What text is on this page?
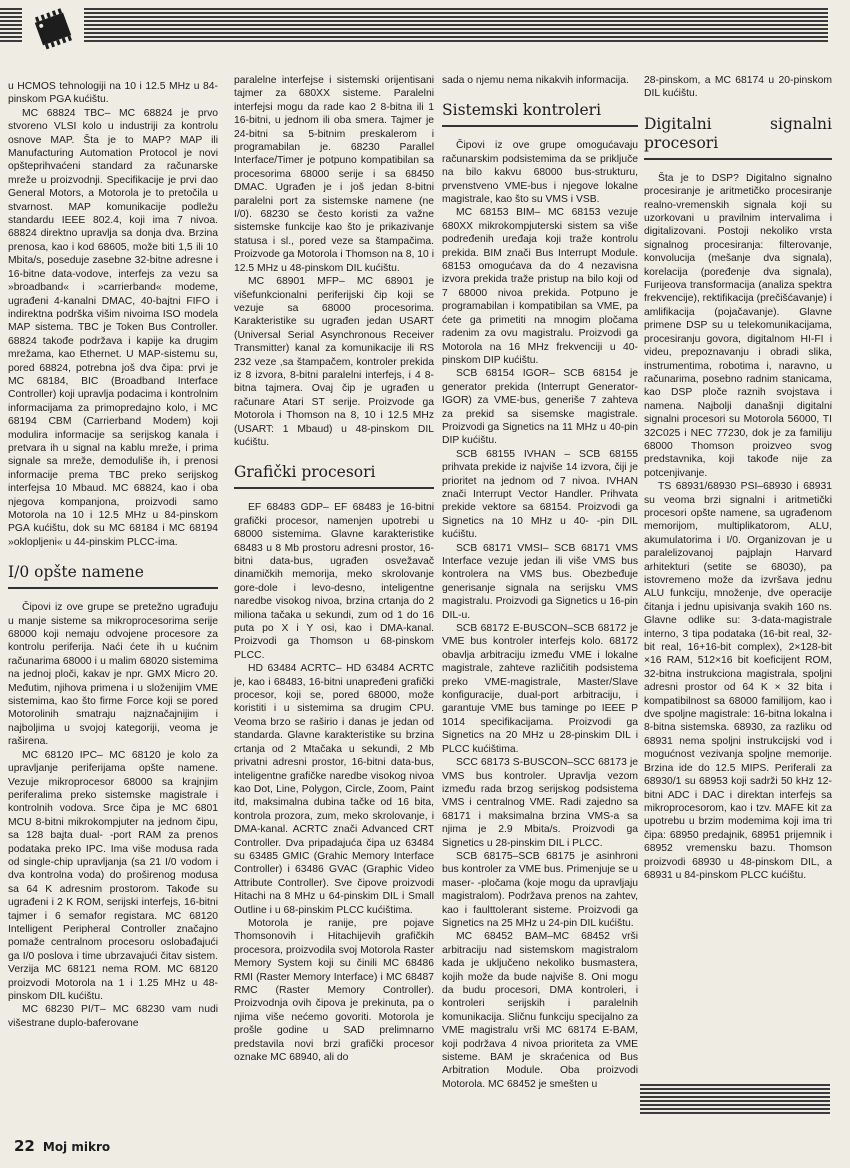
u HCMOS tehnologiji na 10 i 12.5 MHz u 84-pinskom PGA kućištu.

MC 68824 TBC– MC 68824 je prvo stvoreno VLSI kolo u industriji za kontrolu osnove MAP. Šta je to MAP? MAP ili Manufacturing Automation Protocol je novi opšteprihvaćeni standard za računarske mreže u proizvodnji. Specifikacije je prvi dao General Motors, a Motorola je to pretočila u stvarnost. MAP komunikacije podležu standardu IEEE 802.4, koji ima 7 nivoa. 68824 direktno upravlja sa donja dva. Brzina prenosa, kao i kod 68605, može biti 1,5 ili 10 Mbita/s, poseduje zasebne 32-bitne adresne i 16-bitne data-vodove, interfejs za vezu sa »broadband« i »carrierband« modeme, ugrađeni 4-kanalni DMAC, 40-bajtni FIFO i indirektna podrška višim nivoima ISO modela MAP sistema. TBC je Token Bus Controller. 68824 takođe podržava i kapije ka drugim mrežama, kao Ethernet. U MAP-sistemu su, pored 68824, potrebna još dva čipa: prvi je MC 68184, BIC (Broadband Interface Controller) koji upravlja podacima i kontrolnim informacijama za primopredajno kolo, i MC 68194 CBM (Carrierband Modem) koji modulira informacije sa serijskog kanala i pretvara ih u signal na kablu mreže, i prima signale sa mreže, demoduliše ih, i prenosi informacije prema TBC preko serijskog interfejsa 10 Mbaud. MC 68824, kao i oba njegova kompanjona, proizvodi samo Motorola na 10 i 12.5 MHz u 84-pinskom PGA kućištu, dok su MC 68184 i MC 68194 »okloplјeni« u 44-pinskim PLCC-ima.

I/0 opšte namene

Čipovi iz ove grupe se pretežno ugrađuju u manje sisteme sa mikroprocesorima serije 68000 koji nemaju odvojene procesore za kontrolu periferija. Naći ćete ih u kućnim računarima 68000 i u malim 68020 sistemima na jednoj ploči, kakav je npr. GMX Micro 20. Međutim, njihova primena i u složenijim VME sistemima, kao što firme Force koji se pored Motorolinih smatraju najznačajnijim i najboljima u svojoj kategoriji, veoma je raširena.

MC 68120 IPC– MC 68120 je kolo za upravljanje periferijama opšte namene. Vezuje mikroprocesor 68000 sa krajnjim periferalima preko sistemske magistrale i kontrolnih vodova. Srce čipa je MC 6801 MCU 8-bitni mikrokompjuter na jednom čipu, sa 128 bajta dual- -port RAM za prenos podataka preko IPC. Ima više modusa rada od single-chip upravljanja (sa 21 I/0 vodom i dva kontrolna voda) do proširenog modusa sa 64 K adresnim prostorom. Takođe su ugrađeni i 2 K ROM, serijski interfejs, 16-bitni tajmer i 6 semafor registara. MC 68120 Intelligent Peripheral Controller značajno pomaže centralnom procesoru oslobađajući ga I/0 poslova i time ubrzavajući čitav sistem. Verzija MC 68121 nema ROM. MC 68120 proizvodi Motorola na 1 i 1.25 MHz u 48-pinskom DIL kućištu.

MC 68230 PI/T– MC 68230 vam nudi višestrane duplo-baferovane

paralelne interfejse i sistemski orijentisani tajmer za 680XX sisteme. Paralelni interfejsi mogu da rade kao 2 8-bitna ili 1 16-bitni, u jednom ili oba smera. Tajmer je 24-bitni sa 5-bitnim preskalerom i programabilan je. 68230 Parallel Interface/Timer je potpuno kompatibilan sa procesorima 68000 serije i sa 68450 DMAC. Ugrađen je i još jedan 8-bitni paralelni port za sistemske namene (ne I/0). 68230 se često koristi za važne sistemske funkcije kao što je prikazivanje statusa i sl., pored veze sa štampačima. Proizvode ga Motorola i Thomson na 8, 10 i 12.5 MHz u 48-pinskom DIL kućištu.

MC 68901 MFP– MC 68901 je višefunkcionalni periferijski čip koji se vezuje sa 68000 procesorima. Karakteristike su ugrađen jedan USART (Universal Serial Asynchronous Receiver Transmitter) kanal za komunikacije ili RS 232 veze ,sa štampačem, kontroler prekida iz 8 izvora, 8-bitni paralelni interfejs, i 4 8-bitna tajmera. Ovaj čip je ugrađen u računare Atari ST serije. Proizvode ga Motorola i Thomson na 8, 10 i 12.5 MHz (USART: 1 Mbaud) u 48-pinskom DIL kućištu.

Grafički procesori

EF 68483 GDP– EF 68483 je 16-bitni grafički procesor, namenjen upotrebi u 68000 sistemima. Glavne karakteristike 68483 u 8 Mb prostoru adresni prostor, 16-bitni data-bus, ugrađen osvežavač dinamičkih memorija, meko skrolovanje gore-dole i levo-desno, inteligentne naredbe visokog nivoa, brzina crtanja do 2 miliona tačaka u sekundi, zum od 1 do 16 puta po X i Y osi, kao i DMA-kanal. Proizvodi ga Thomson u 68-pinskom PLCC.

HD 63484 ACRTC– HD 63484 ACRTC je, kao i 68483, 16-bitni unapređeni grafički procesor, koji se, pored 68000, može koristiti i u sistemima sa drugim CPU. Veoma brzo se raširio i danas je jedan od standarda. Glavne karakteristike su brzina crtanja od 2 Mtačaka u sekundi, 2 Mb privatni adresni prostor, 16-bitni data-bus, inteligentne grafičke naredbe visokog nivoa kao Dot, Line, Polygon, Circle, Zoom, Paint itd, maksimalna dubina tačke od 16 bita, kontrola prozora, zum, meko skrolovanje, i DMA-kanal. ACRTC znači Advanced CRT Controller. Dva pripadajuća čipa uz 63484 su 63485 GMIC (Grahic Memory Interface Controller) i 63486 GVAC (Graphic Video Attribute Controller). Sve čipove proizvodi Hitachi na 8 MHz u 64-pinskim DIL i Small Outline i u 68-pinskim PLCC kućištima.

Motorola je ranije, pre pojave Thomsonovih i Hitachijevih grafičkih procesora, proizvodila svoj Motorola Raster Memory System koji su činili MC 68486 RMI (Raster Memory Interface) i MC 68487 RMC (Raster Memory Controller). Proizvodnja ovih čipova je prekinuta, pa o njima više nećemo govoriti. Motorola je prošle godine u SAD prelimnarno predstavila novi brzi grafički procesor oznake MC 68940, ali do

sada o njemu nema nikakvih informacija.

Sistemski kontroleri

Čipovi iz ove grupe omogućavaju računarskim podsistemima da se priključe na bilo kakvu 68000 bus-strukturu, prvenstveno VME-bus i njegove lokalne magistrale, kao što su VMS i VSB.

MC 68153 BIM– MC 68153 vezuje 680XX mikrokompjuterski sistem sa više podređenih uređaja koji traže kontrolu prekida. BIM znači Bus Interrupt Module. 68153 omogućava da do 4 nezavisna izvora prekida traže pristup na bilo koji od 7 68000 nivoa prekida. Potpuno je programabilan i kompatibilan sa VME, pa ćete ga primetiti na mnogim pločama radenim za ovu magistralu. Proizvodi ga Motorola na 16 MHz frekvenciji u 40-pinskom DIP kućištu.

SCB 68154 IGOR– SCB 68154 je generator prekida (Interrupt Generator-IGOR) za VME-bus, generiše 7 zahteva za prekid sa sisemske magistrale. Proizvodi ga Signetics na 11 MHz u 40-pin DIP kućištu.

SCB 68155 IVHAN – SCB 68155 prihvata prekide iz najviše 14 izvora, čiji je prioritet na jednom od 7 nivoa. IVHAN znači Interrupt Vector Handler. Prihvata prekide vektore sa 68154. Proizvodi ga Signetics na 10 MHz u 40- -pin DIL kućištu.

SCB 68171 VMSI– SCB 68171 VMS Interface vezuje jedan ili više VMS bus kontrolera na VMS bus. Obezbeđuje generisanje signala na serijsku VMS magistralu. Proizvodi ga Signetics u 16-pin DIL-u.

SCB 68172 E-BUSCON–SCB 68172 je VME bus kontroler interfejs kolo. 68172 obavlja arbitraciju između VME i lokalne magistrale, zahteve različitih podsistema preko VME-magistrale, Master/Slave konfiguracije, dual-port arbitraciju, i garantuje VME bus taminge po IEEE P 1014 specifikacijama. Proizvodi ga Signetics na 20 MHz u 28-pinskim DIL i PLCC kućištima.

SCC 68173 S-BUSCON–SCC 68173 je VMS bus kontroler. Upravlja vezom između rada brzog serijskog podsistema VMS i centralnog VME. Radi zajedno sa 68171 i maksimalna brzina VMS-a sa njima je 2.9 Mbita/s. Proizvodi ga Signetics u 28-pinskim DIL i PLCC.

SCB 68175–SCB 68175 je asinhroni bus kontroler za VME bus. Primenjuje se u maser- -pločama (koje mogu da upravljaju magistralom). Podržava prenos na zahtev, kao i faulttolerant sisteme. Proizvodi ga Signetics na 25 MHz u 24-pin DIL kućištu.

MC 68452 BAM–MC 68452 vrši arbitraciju nad sistemskom magistralom kada je uključeno nekoliko busmastera, kojih može da bude najviše 8. Oni mogu da budu procesori, DMA kontroleri, i kontroleri serijskih i paralelnih komunikacija. Sličnu funkciju specijalno za VME magistralu vrši MC 68174 E-BAM, koji podržava 4 nivoa prioriteta za VME sisteme. BAM je skraćenica od Bus Arbitration Module. Oba proizvodi Motorola. MC 68452 je smešten u

28-pinskom, a MC 68174 u 20-pinskom DIL kućištu.

Digitalni signalni procesori

Šta je to DSP? Digitalno signalno procesiranje je aritmetičko procesiranje realno-vremenskih signala koji su uzorkovani u pravilnim intervalima i digitalizovani. Postoji nekoliko vrsta signalnog procesiranja: filterovanje, konvolucija (mešanje dva signala), korelacija (poređenje dva signala), Furijeova transformacija (analiza spektra frekvencije), rektifikacija (prečišćavanje) i amlifikacija (pojačavanje). Glavne primene DSP su u telekomunikacijama, procesiranju govora, digitalnom HI-FI i videu, prepoznavanju i obradi slika, instrumentima, robotima i, naravno, u računarima, posebno radnim stanicama, kao DSP ploče raznih svojstava i namena. Najbolji današnji digitalni signalni procesori su Motorola 56000, TI 32C025 i NEC 77230, dok je za familiju 68000 Thomson proizveo svog predstavnika, koji takođe nije za potcenjivanje.

TS 68931/68930 PSI–68930 i 68931 su veoma brzi signalni i aritmetički procesori opšte namene, sa ugrađenom memorijom, multiplikatorom, ALU, akumulatorima i I/0. Organizovan je u paralelizovanoj pajplajn Harvard arhitekturi (setite se 68030), pa istovremeno može da izvršava jednu ALU funkciju, množenje, dve operacije čitanja i jednu upisivanja svakih 160 ns. Glavne odlike su: 3-data-magistrale interno, 3 tipa podataka (16-bit real, 32-bit real, 16+16-bit complex), 2×128-bit ×16 RAM, 512×16 bit koeficijent ROM, 32-bitna instrukciona magistrala, spoljni adresni prostor od 64 K × 32 bita i kompatibilnost sa 68000 familijom, kao i dve spoljne magistrale: 16-bitna lokalna i 8-bitna sistemska. 68930, za razliku od 68931 nema spoljni instrukcijski vod i mogućnost vezivanja spoljne memorije. Brzina ide do 12.5 MIPS. Periferali za 68930/1 su 68953 koji sadrži 50 kHz 12-bitni ADC i DAC i direktan interfejs sa mikroprocesorom, kao i tzv. MAFE kit za upotrebu u brzim modemima koji ima tri čipa: 68950 predajnik, 68951 prijemnik i 68952 vremensku bazu. Thomson proizvodi 68930 u 48-pinskom DIL, a 68931 u 84-pinskom PLCC kućištu.

22 Moj mikro
